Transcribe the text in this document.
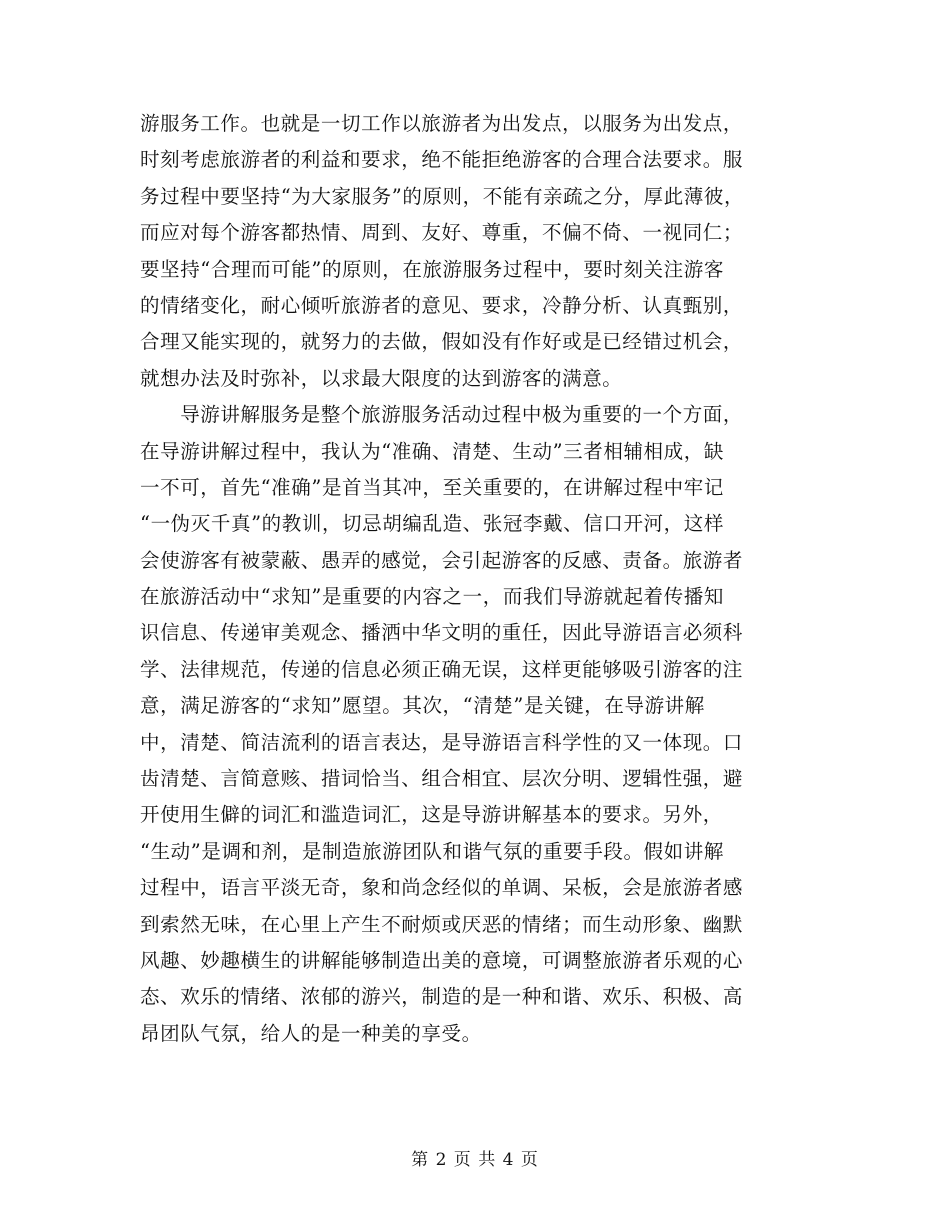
游服务工作。也就是一切工作以旅游者为出发点，以服务为出发点，
时刻考虑旅游者的利益和要求，绝不能拒绝游客的合理合法要求。服
务过程中要坚持“为大家服务”的原则，不能有亲疏之分，厚此薄彼，
而应对每个游客都热情、周到、友好、尊重，不偏不倚、一视同仁；
要坚持“合理而可能”的原则，在旅游服务过程中，要时刻关注游客
的情绪变化，耐心倾听旅游者的意见、要求，冷静分析、认真甄别，
合理又能实现的，就努力的去做，假如没有作好或是已经错过机会，
就想办法及时弥补，以求最大限度的达到游客的满意。
　　导游讲解服务是整个旅游服务活动过程中极为重要的一个方面，
在导游讲解过程中，我认为“准确、清楚、生动”三者相辅相成，缺
一不可，首先“准确”是首当其冲，至关重要的，在讲解过程中牢记
“一伪灭千真”的教训，切忌胡编乱造、张冠李戴、信口开河，这样
会使游客有被蒙蔽、愚弄的感觉，会引起游客的反感、责备。旅游者
在旅游活动中“求知”是重要的内容之一，而我们导游就起着传播知
识信息、传递审美观念、播洒中华文明的重任，因此导游语言必须科
学、法律规范，传递的信息必须正确无误，这样更能够吸引游客的注
意，满足游客的“求知”愿望。其次，“清楚”是关键，在导游讲解
中，清楚、简洁流利的语言表达，是导游语言科学性的又一体现。口
齿清楚、言简意赅、措词恰当、组合相宜、层次分明、逻辑性强，避
开使用生僻的词汇和滥造词汇，这是导游讲解基本的要求。另外，
“生动”是调和剂，是制造旅游团队和谐气氛的重要手段。假如讲解
过程中，语言平淡无奇，象和尚念经似的单调、呆板，会是旅游者感
到索然无味，在心里上产生不耐烦或厌恶的情绪；而生动形象、幽默
风趣、妙趣横生的讲解能够制造出美的意境，可调整旅游者乐观的心
态、欢乐的情绪、浓郁的游兴，制造的是一种和谐、欢乐、积极、高
昂团队气氛，给人的是一种美的享受。
第 2 页 共 4 页
